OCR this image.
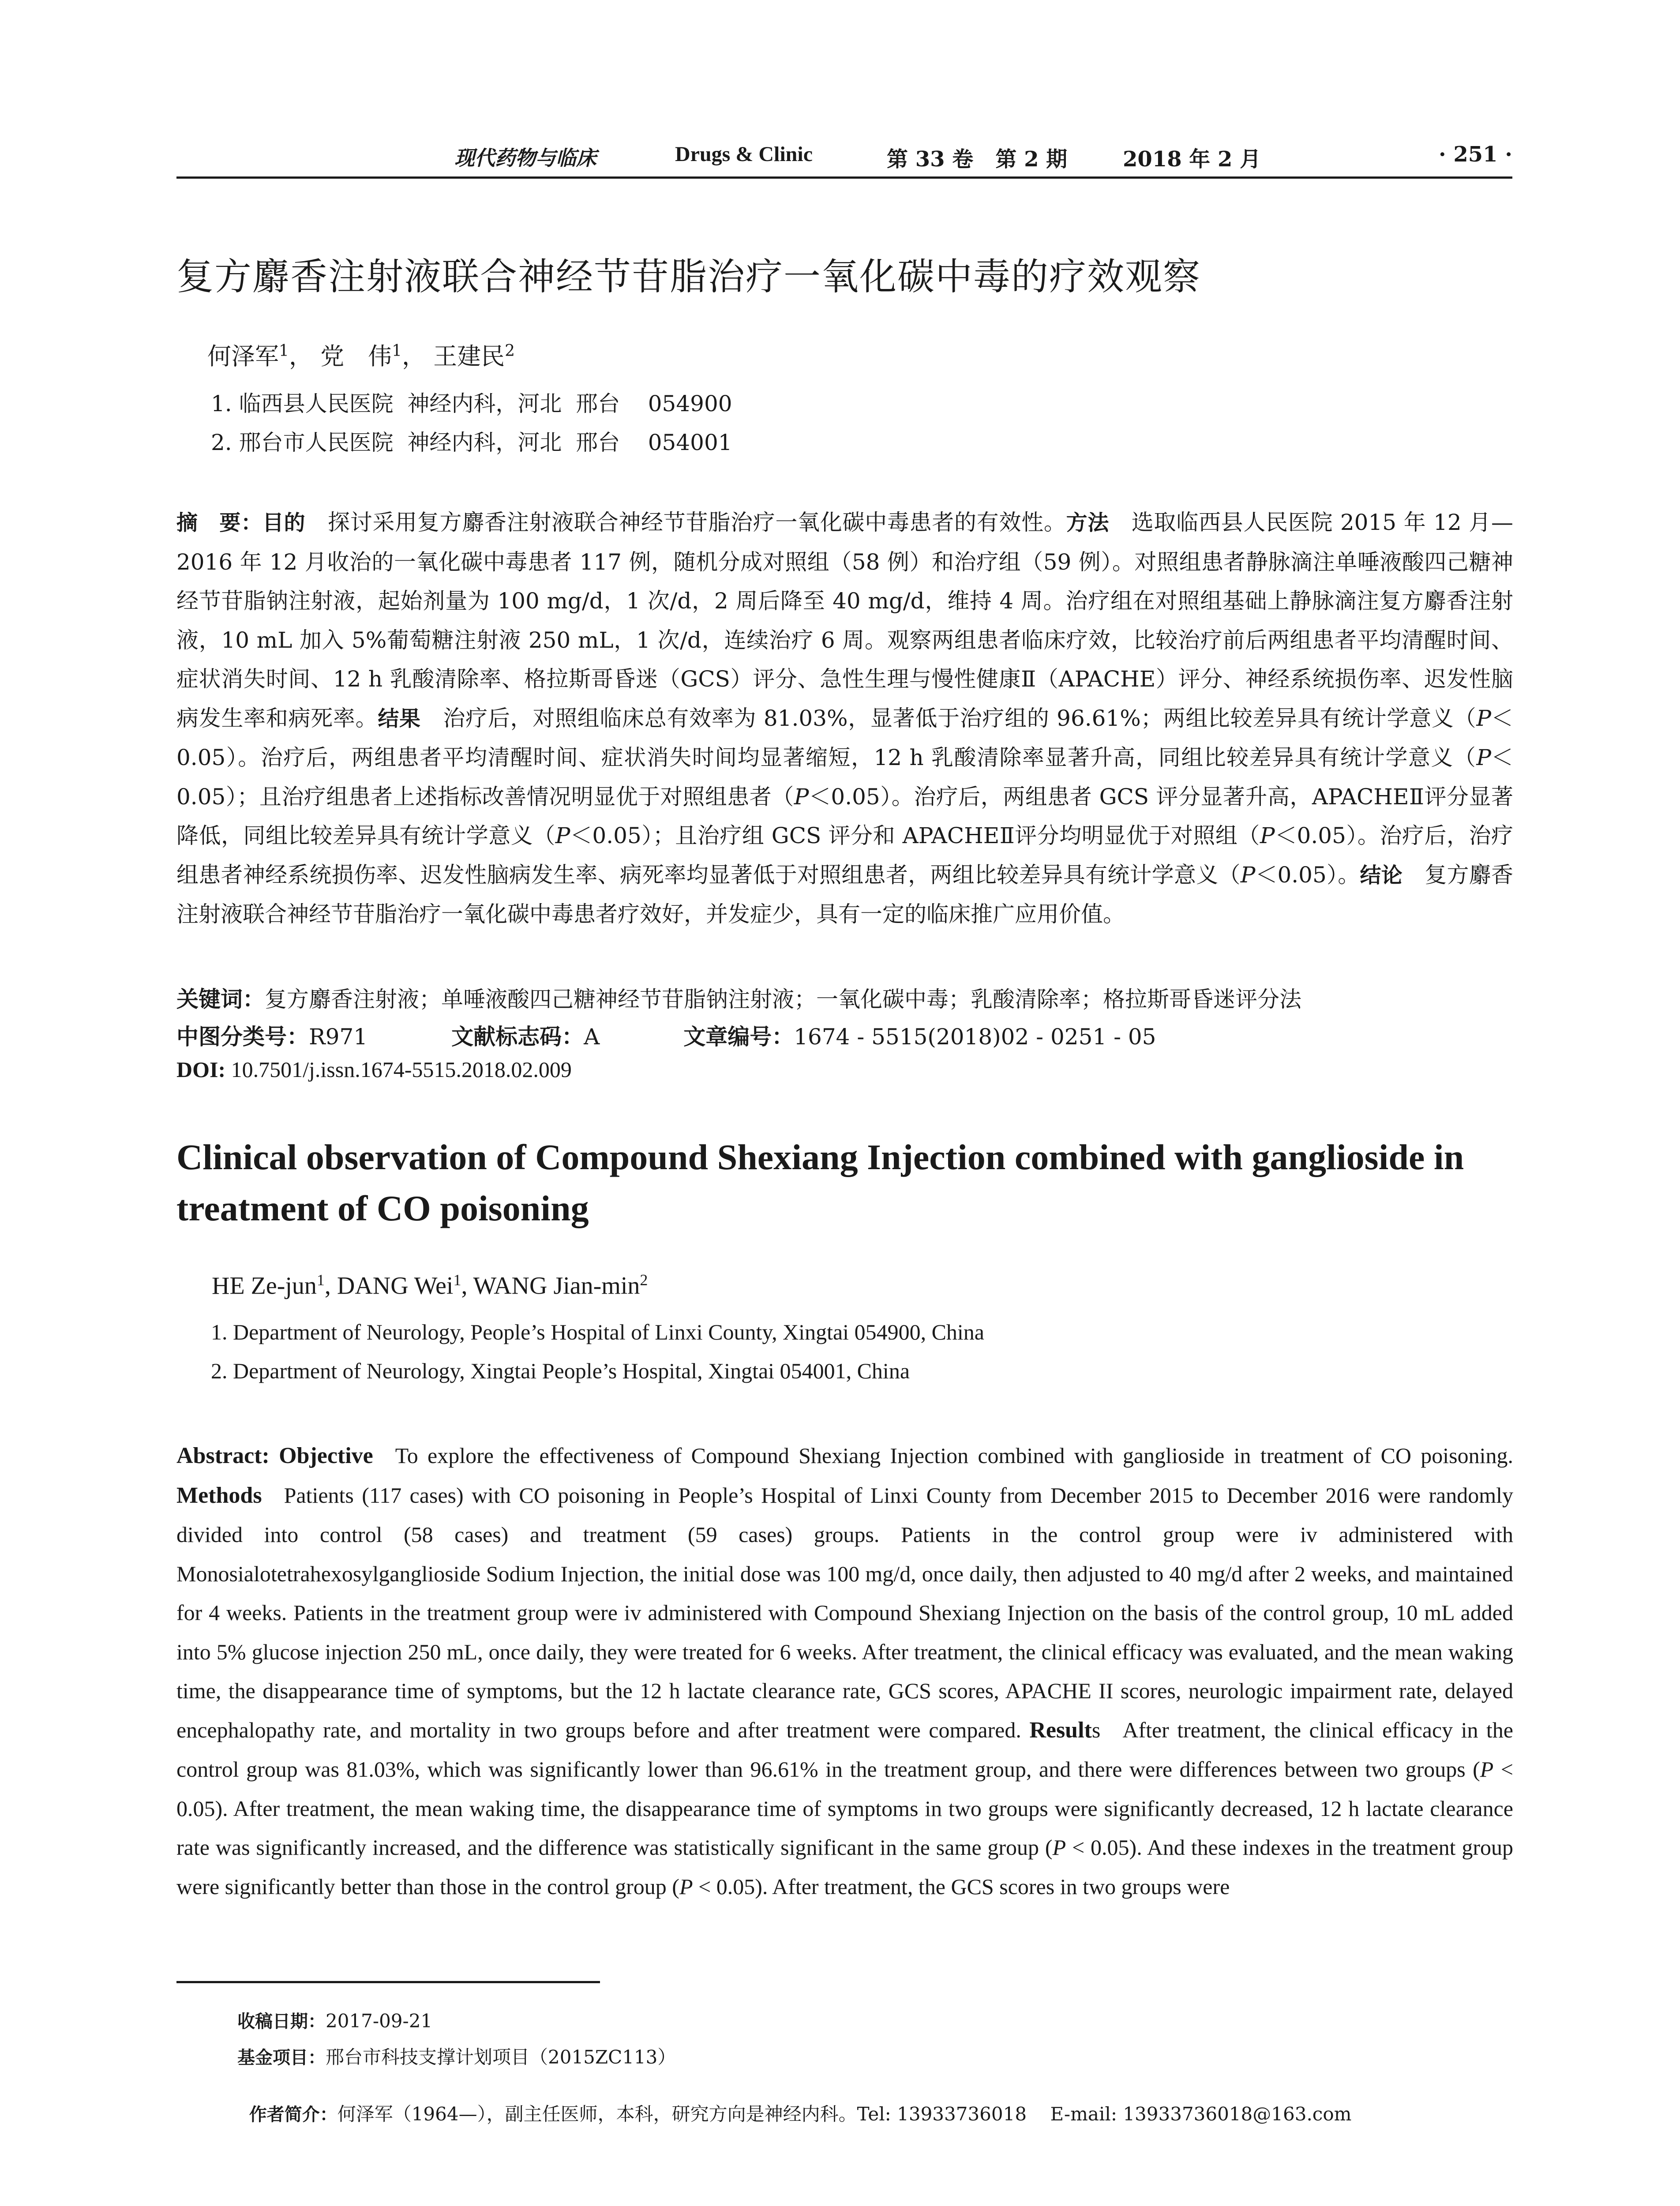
现代药物与临床	Drugs & Clinic	第 33 卷   第 2 期	2018 年 2 月	· 251 ·
复方麝香注射液联合神经节苷脂治疗一氧化碳中毒的疗效观察
何泽军$^1$， 党　伟$^1$， 王建民$^2$
1. 临西县人民医院  神经内科，河北  邢台    054900
2. 邢台市人民医院  神经内科，河北  邢台    054001
摘　要：目的  探讨采用复方麝香注射液联合神经节苷脂治疗一氧化碳中毒患者的有效性。方法  选取临西县人民医院 2015 年 12 月—2016 年 12 月收治的一氧化碳中毒患者 117 例，随机分成对照组（58 例）和治疗组（59 例）。对照组患者静脉滴注单唾液酸四己糖神经节苷脂钠注射液，起始剂量为 100 mg/d，1 次/d，2 周后降至 40 mg/d，维持 4 周。治疗组在对照组基础上静脉滴注复方麝香注射液，10 mL 加入 5%葡萄糖注射液 250 mL，1 次/d，连续治疗 6 周。观察两组患者临床疗效，比较治疗前后两组患者平均清醒时间、症状消失时间、12 h 乳酸清除率、格拉斯哥昏迷（GCS）评分、急性生理与慢性健康Ⅱ（APACHE）评分、神经系统损伤率、迟发性脑病发生率和病死率。结果  治疗后，对照组临床总有效率为 81.03%，显著低于治疗组的 96.61%；两组比较差异具有统计学意义（P＜0.05）。治疗后，两组患者平均清醒时间、症状消失时间均显著缩短，12 h 乳酸清除率显著升高，同组比较差异具有统计学意义（P＜0.05）；且治疗组患者上述指标改善情况明显优于对照组患者（P＜0.05）。治疗后，两组患者 GCS 评分显著升高，APACHEⅡ评分显著降低，同组比较差异具有统计学意义（P＜0.05）；且治疗组 GCS 评分和 APACHEⅡ评分均明显优于对照组（P＜0.05）。治疗后，治疗组患者神经系统损伤率、迟发性脑病发生率、病死率均显著低于对照组患者，两组比较差异具有统计学意义（P＜0.05）。结论  复方麝香注射液联合神经节苷脂治疗一氧化碳中毒患者疗效好，并发症少，具有一定的临床推广应用价值。
关键词：复方麝香注射液；单唾液酸四己糖神经节苷脂钠注射液；一氧化碳中毒；乳酸清除率；格拉斯哥昏迷评分法
中图分类号：R971	文献标志码：A	文章编号：1674 - 5515(2018)02 - 0251 - 05
DOI: 10.7501/j.issn.1674-5515.2018.02.009
Clinical observation of Compound Shexiang Injection combined with ganglioside in treatment of CO poisoning
HE Ze-jun$^1$, DANG Wei$^1$, WANG Jian-$\min^2$
1. Department of Neurology, People’s Hospital of Linxi County, Xingtai 054900, China
2. Department of Neurology, Xingtai People’s Hospital, Xingtai 054001, China
Abstract: Objective  To explore the effectiveness of Compound Shexiang Injection combined with ganglioside in treatment of CO poisoning. Methods  Patients (117 cases) with CO poisoning in People’s Hospital of Linxi County from December 2015 to December 2016 were randomly divided into control (58 cases) and treatment (59 cases) groups. Patients in the control group were iv administered with Monosialotetrahexosylganglioside Sodium Injection, the initial dose was 100 mg/d, once daily, then adjusted to 40 mg/d after 2 weeks, and maintained for 4 weeks. Patients in the treatment group were iv administered with Compound Shexiang Injection on the basis of the control group, 10 mL added into 5% glucose injection 250 mL, once daily, they were treated for 6 weeks. After treatment, the clinical efficacy was evaluated, and the mean waking time, the disappearance time of symptoms, but the 12 h lactate clearance rate, GCS scores, APACHE II scores, neurologic impairment rate, delayed encephalopathy rate, and mortality in two groups before and after treatment were compared. Results  After treatment, the clinical efficacy in the control group was 81.03%, which was significantly lower than 96.61% in the treatment group, and there were differences between two groups (P < 0.05). After treatment, the mean waking time, the disappearance time of symptoms in two groups were significantly decreased, 12 h lactate clearance rate was significantly increased, and the difference was statistically significant in the same group (P < 0.05). And these indexes in the treatment group were significantly better than those in the control group (P < 0.05). After treatment, the GCS scores in two groups were
收稿日期：2017-09-21
基金项目：邢台市科技支撑计划项目（2015ZC113）

作者简介：何泽军（1964—），副主任医师，本科，研究方向是神经内科。Tel: 13933736018    E-mail: 13933736018@163.com
